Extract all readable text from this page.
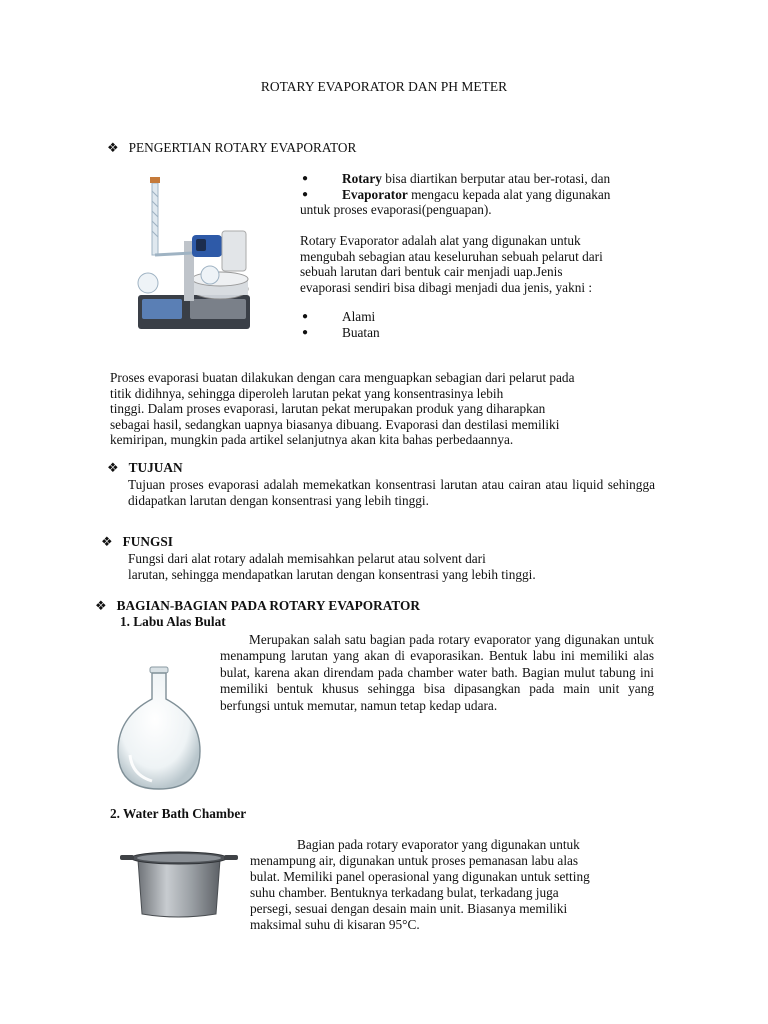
ROTARY EVAPORATOR DAN PH METER
❖ PENGERTIAN ROTARY EVAPORATOR
●	Rotary bisa diartikan berputar atau ber-rotasi, dan
●	Evaporator mengacu kepada alat yang digunakan
untuk proses evaporasi(penguapan).
Rotary Evaporator adalah alat yang digunakan untuk
mengubah sebagian atau keseluruhan sebuah pelarut dari
sebuah larutan dari bentuk cair menjadi uap.Jenis
evaporasi sendiri bisa dibagi menjadi dua jenis, yakni :
●	Alami
●	Buatan
Proses evaporasi buatan dilakukan dengan cara menguapkan sebagian dari pelarut pada
titik didihnya, sehingga diperoleh larutan pekat yang konsentrasinya lebih
tinggi. Dalam proses evaporasi, larutan pekat merupakan produk yang diharapkan
sebagai hasil, sedangkan uapnya biasanya dibuang. Evaporasi dan destilasi memiliki
kemiripan, mungkin pada artikel selanjutnya akan kita bahas perbedaannya.
❖ TUJUAN
Tujuan proses evaporasi adalah memekatkan konsentrasi larutan atau cairan atau liquid sehingga didapatkan larutan dengan konsentrasi yang lebih tinggi.
❖ FUNGSI
Fungsi dari alat rotary adalah memisahkan pelarut atau solvent dari
larutan, sehingga mendapatkan larutan dengan konsentrasi yang lebih tinggi.
❖ BAGIAN-BAGIAN PADA ROTARY EVAPORATOR
1. Labu Alas Bulat
Merupakan salah satu bagian pada rotary evaporator yang digunakan untuk menampung larutan yang akan di evaporasikan. Bentuk labu ini memiliki alas bulat, karena akan direndam pada chamber water bath. Bagian mulut tabung ini memiliki bentuk khusus sehingga bisa dipasangkan pada main unit yang berfungsi untuk memutar, namun tetap kedap udara.
2. Water Bath Chamber
Bagian pada rotary evaporator yang digunakan untuk
menampung air, digunakan untuk proses pemanasan labu alas
bulat. Memiliki panel operasional yang digunakan untuk setting
suhu chamber. Bentuknya terkadang bulat, terkadang juga
persegi, sesuai dengan desain main unit. Biasanya memiliki
maksimal suhu di kisaran 95°C.
